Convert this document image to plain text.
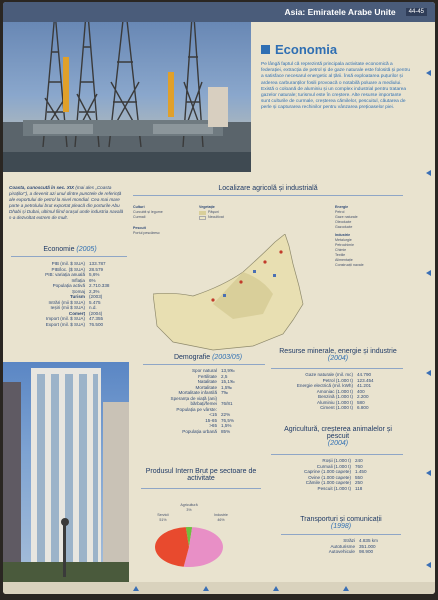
Asia: Emiratele Arabe Unite	44-45
Economia
Pe lângă faptul că reprezintă principala activitate economică a federației, extracția de petrol și de gaze naturale este folosită și pentru a satisface necesarul energetic al țării. Însă exploatarea puțurilor și arderea carburanților fosili provoacă o notabilă poluare a mediului. Există o coloană de aluminiu și un complex industrial pentru tratarea gazelor naturale; turismul este în creștere. Alte resurse importante sunt culturile de curmale, creșterea cămilelor, pescuitul, căutarea de perle și capturarea rechinilor pentru vânzarea prețioaselor piei.
Coasta, cunoscută în sec. XIX (mai ales „Coasta piraților”), a devenit azi unul dintre punctele de referință ale exportului de petrol la nivel mondial. Cea mai mare parte a petrolului brut exportat pleacă din porturile Abu Dhabi și Dubai, ultimul fiind orașul unde industria navală s-a dezvoltat extrem de mult.
Economie (2005)
PIB (mil. $ SUA) 133.787
PIB/loc. ($ SUA) 28.579
PIB: variația anuală 5,6%
Inflația 6%
Populația activă 2.710.338
Șomaj 2,3%
Turism (2003)
Intrări (mii $ SUA) 5.475
Ieșiri (mii $ SUA) n.d.
Comerț (2004)
Import (mil. $ SUA) 47.355
Export (mil. $ SUA) 76.500
Localizare agricolă și industrială
Culturi
Curcubit și legume
Curmali
Pescuit
Portul pescăresc
Vegetație
Păşuni
Necultivat
Energie
Petrol
Gaze naturale
Oleoducte
Gazoducte
Industrie
Metalurgie
Petrochimie
Chimie
Textile
Alimentație
Construcții navale
Demografie (2003/05)
Spor natural 13,9‰
Fertilitate 2,5
Natalitate 15,1‰
Mortalitate 1,5‰
Mortalitate infantilă 7‰
Speranța de viață (ani)
bărbați/femei 76/81
Populația pe vârste:
<15 22%
15-65 76,5%
>65 1,5%
Populația urbană 85%
Resurse minerale, energie și industrie
(2004)
Gaze naturale (mil. mc) 44.790
Petrol (1.000 t) 123.454
Energie electrică (mil. kWh) 41.201
Amoniac (1.000 t) 400
Benzină (1.000 t) 2.200
Aluminiu (1.000 t) 580
Ciment (1.000 t) 6.800
Agricultură, creșterea animalelor și pescuit
(2004)
Roșii (1.000 t) 240
Curmali (1.000 t) 760
Caprine (1.000 capete) 1.450
Ovine (1.000 capete) 550
Cămile (1.000 capete) 250
Pescuit (1.000 t) 118
Produsul Intern Brut pe sectoare de activitate
Agricultură
3%
Servicii
51%
Industrie
46%	Transporturi și comunicații
(1998)
Străzi 4.835 km
Autoturisme 351.000
Autovehicule 98.900
